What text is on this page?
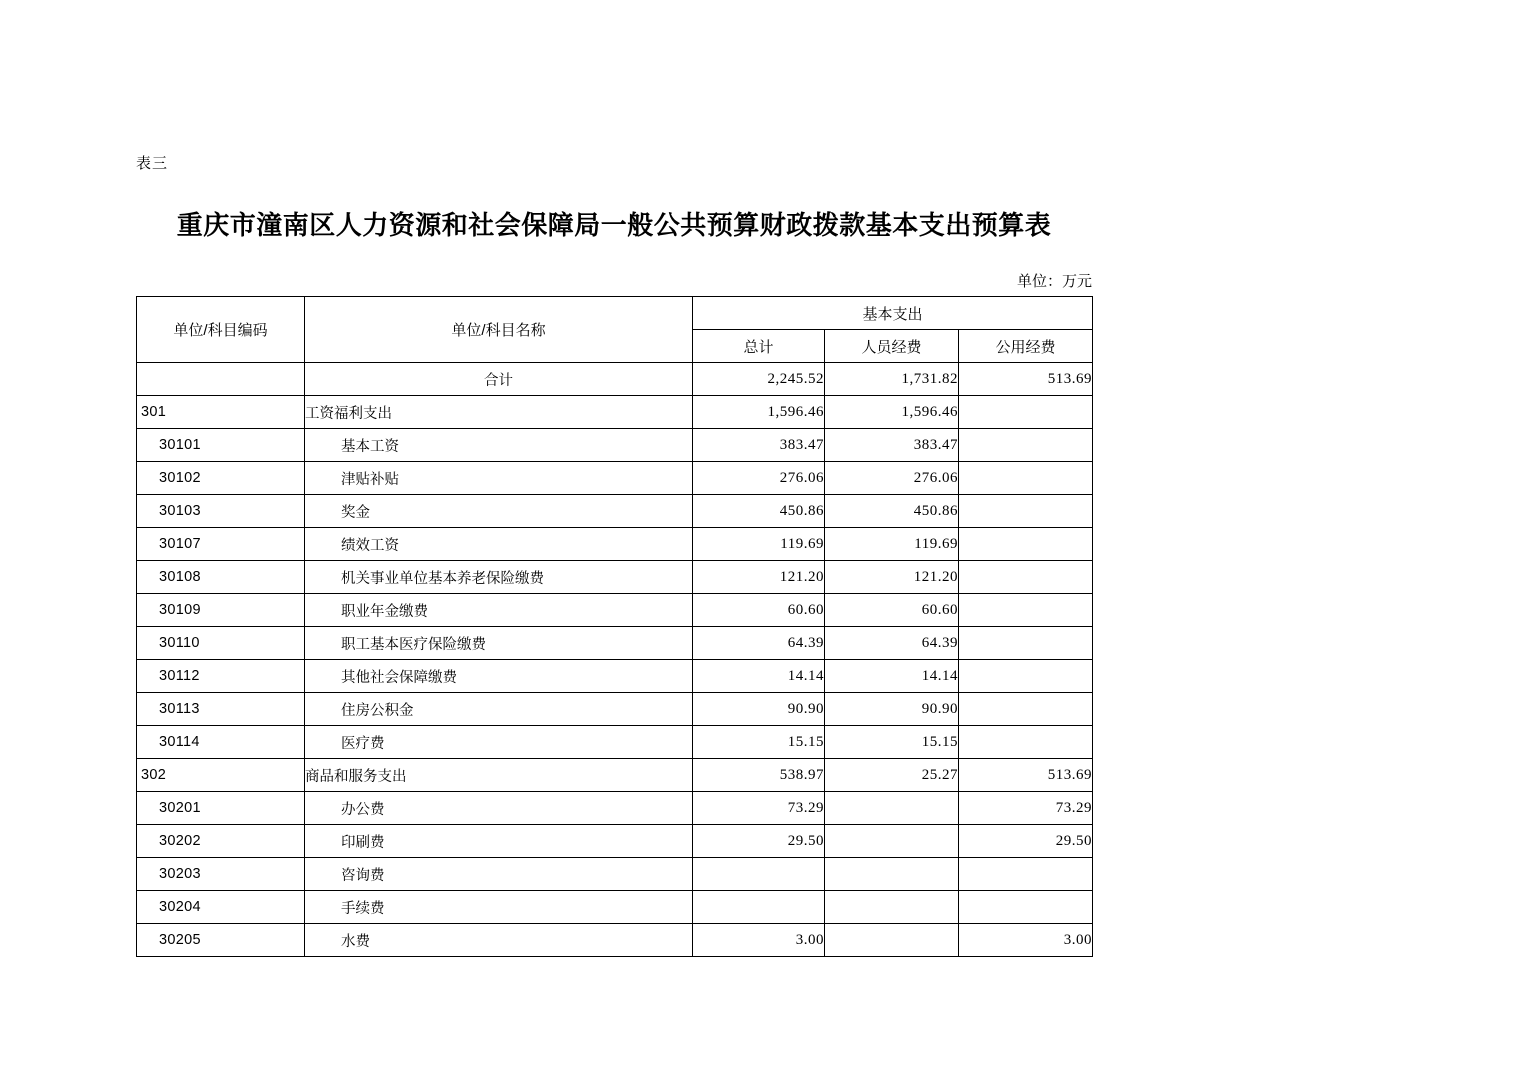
表三
重庆市潼南区人力资源和社会保障局一般公共预算财政拨款基本支出预算表
单位：万元
单位/科目编码	单位/科目名称	基本支出		
		总计	人员经费	公用经费
	合计	2,245.52	1,731.82	513.69
301	工资福利支出	1,596.46	1,596.46	
30101	基本工资	383.47	383.47	
30102	津贴补贴	276.06	276.06	
30103	奖金	450.86	450.86	
30107	绩效工资	119.69	119.69	
30108	机关事业单位基本养老保险缴费	121.20	121.20	
30109	职业年金缴费	60.60	60.60	
30110	职工基本医疗保险缴费	64.39	64.39	
30112	其他社会保障缴费	14.14	14.14	
30113	住房公积金	90.90	90.90	
30114	医疗费	15.15	15.15	
302	商品和服务支出	538.97	25.27	513.69
30201	办公费	73.29		73.29
30202	印刷费	29.50		29.50
30203	咨询费			
30204	手续费			
30205	水费	3.00		3.00
